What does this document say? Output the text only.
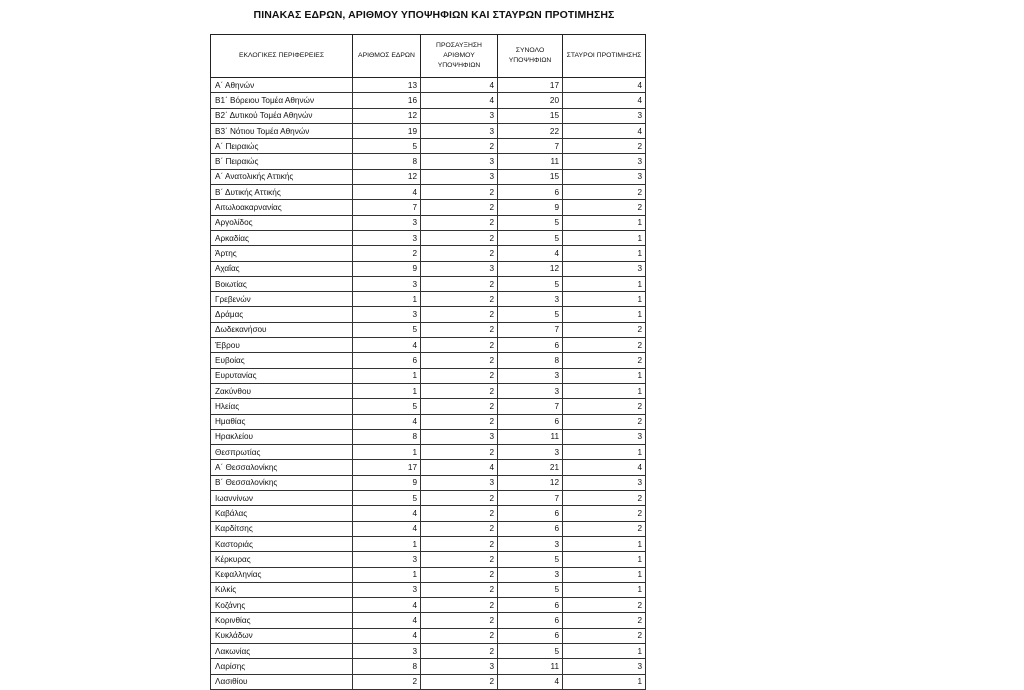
ΠΙΝΑΚΑΣ ΕΔΡΩΝ, ΑΡΙΘΜΟΥ ΥΠΟΨΗΦΙΩΝ ΚΑΙ ΣΤΑΥΡΩΝ ΠΡΟΤΙΜΗΣΗΣ
ΕΚΛΟΓΙΚΕΣ ΠΕΡΙΦΕΡΕΙΕΣ	ΑΡΙΘΜΟΣ ΕΔΡΩΝ	ΠΡΟΣΑΥΞΗΣΗ ΑΡΙΘΜΟΥ ΥΠΟΨΗΦΙΩΝ	ΣΥΝΟΛΟ ΥΠΟΨΗΦΙΩΝ	ΣΤΑΥΡΟΙ ΠΡΟΤΙΜΗΣΗΣ
Α΄ Αθηνών	13	4	17	4
Β1΄ Βόρειου Τομέα Αθηνών	16	4	20	4
Β2΄ Δυτικού Τομέα Αθηνών	12	3	15	3
Β3΄ Νότιου Τομέα Αθηνών	19	3	22	4
Α΄ Πειραιώς	5	2	7	2
Β΄ Πειραιώς	8	3	11	3
Α΄ Ανατολικής Αττικής	12	3	15	3
Β΄ Δυτικής Αττικής	4	2	6	2
Αιτωλοακαρνανίας	7	2	9	2
Αργολίδος	3	2	5	1
Αρκαδίας	3	2	5	1
Άρτης	2	2	4	1
Αχαΐας	9	3	12	3
Βοιωτίας	3	2	5	1
Γρεβενών	1	2	3	1
Δράμας	3	2	5	1
Δωδεκανήσου	5	2	7	2
Έβρου	4	2	6	2
Ευβοίας	6	2	8	2
Ευρυτανίας	1	2	3	1
Ζακύνθου	1	2	3	1
Ηλείας	5	2	7	2
Ημαθίας	4	2	6	2
Ηρακλείου	8	3	11	3
Θεσπρωτίας	1	2	3	1
Α΄ Θεσσαλονίκης	17	4	21	4
Β΄ Θεσσαλονίκης	9	3	12	3
Ιωαννίνων	5	2	7	2
Καβάλας	4	2	6	2
Καρδίτσης	4	2	6	2
Καστοριάς	1	2	3	1
Κέρκυρας	3	2	5	1
Κεφαλληνίας	1	2	3	1
Κιλκίς	3	2	5	1
Κοζάνης	4	2	6	2
Κορινθίας	4	2	6	2
Κυκλάδων	4	2	6	2
Λακωνίας	3	2	5	1
Λαρίσης	8	3	11	3
Λασιθίου	2	2	4	1
